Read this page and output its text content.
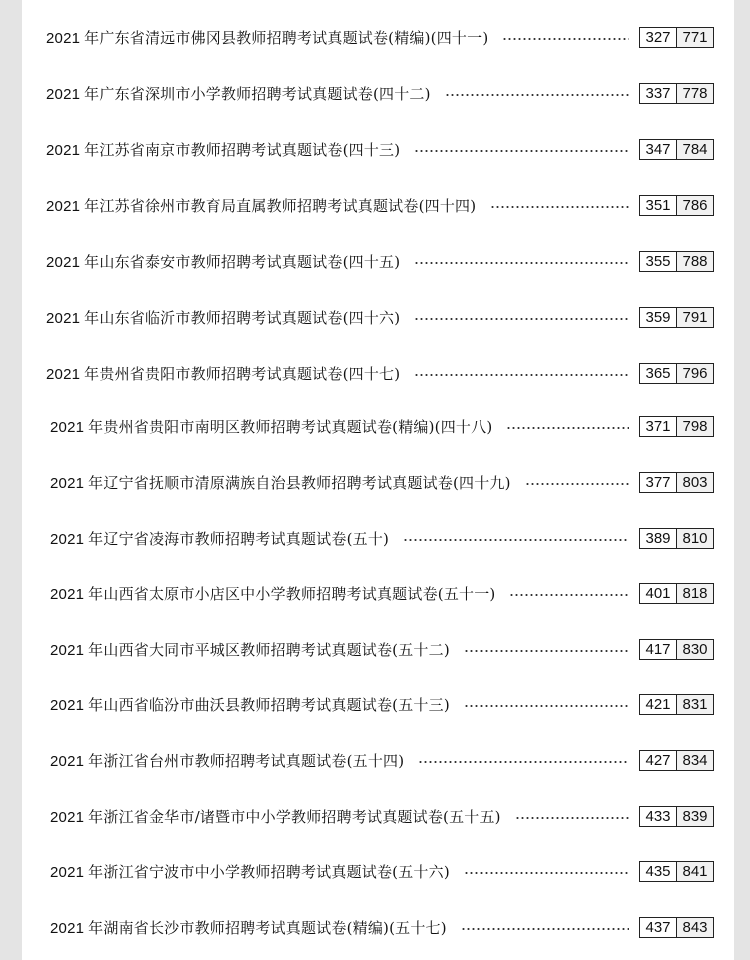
2021 年广东省清远市佛冈县教师招聘考试真题试卷(精编)(四十一)	327 771
2021 年广东省深圳市小学教师招聘考试真题试卷(四十二)	337 778
2021 年江苏省南京市教师招聘考试真题试卷(四十三)	347 784
2021 年江苏省徐州市教育局直属教师招聘考试真题试卷(四十四)	351 786
2021 年山东省泰安市教师招聘考试真题试卷(四十五)	355 788
2021 年山东省临沂市教师招聘考试真题试卷(四十六)	359 791
2021 年贵州省贵阳市教师招聘考试真题试卷(四十七)	365 796
2021 年贵州省贵阳市南明区教师招聘考试真题试卷(精编)(四十八)	371 798
2021 年辽宁省抚顺市清原满族自治县教师招聘考试真题试卷(四十九)	377 803
2021 年辽宁省凌海市教师招聘考试真题试卷(五十)	389 810
2021 年山西省太原市小店区中小学教师招聘考试真题试卷(五十一)	401 818
2021 年山西省大同市平城区教师招聘考试真题试卷(五十二)	417 830
2021 年山西省临汾市曲沃县教师招聘考试真题试卷(五十三)	421 831
2021 年浙江省台州市教师招聘考试真题试卷(五十四)	427 834
2021 年浙江省金华市/诸暨市中小学教师招聘考试真题试卷(五十五)	433 839
2021 年浙江省宁波市中小学教师招聘考试真题试卷(五十六)	435 841
2021 年湖南省长沙市教师招聘考试真题试卷(精编)(五十七)	437 843
